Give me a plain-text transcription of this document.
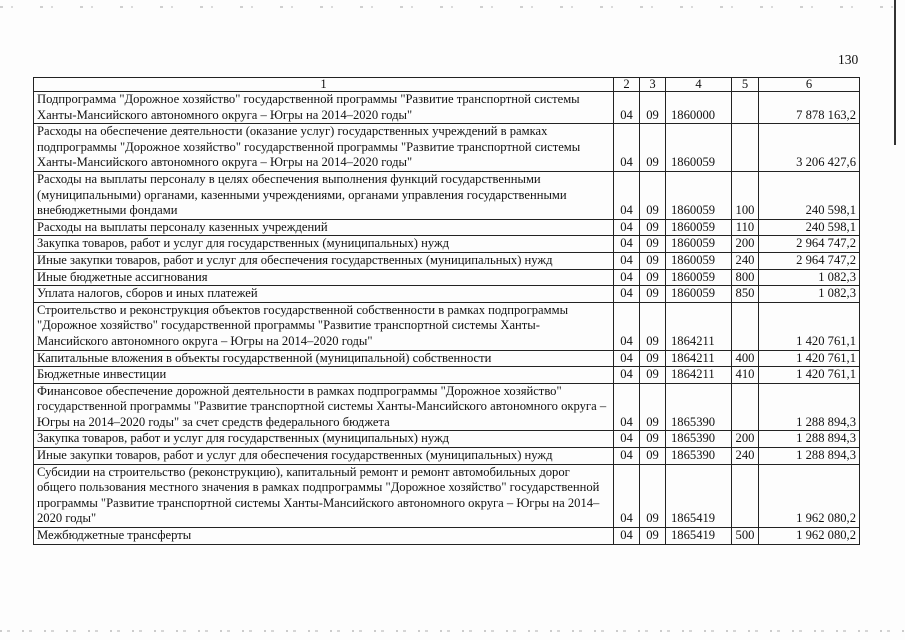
130
1	2	3	4	5	6
Подпрограмма "Дорожное хозяйство" государственной программы "Развитие транспортной системы Ханты-Мансийского автономного округа – Югры на 2014–2020 годы"	04	09	1860000		7 878 163,2
Расходы на обеспечение деятельности (оказание услуг) государственных учреждений в рамках подпрограммы "Дорожное хозяйство" государственной программы "Развитие транспортной системы Ханты-Мансийского автономного округа – Югры на 2014–2020 годы"	04	09	1860059		3 206 427,6
Расходы на выплаты персоналу в целях обеспечения выполнения функций государственными (муниципальными) органами, казенными учреждениями, органами управления государственными внебюджетными фондами	04	09	1860059	100	240 598,1
Расходы на выплаты персоналу казенных учреждений	04	09	1860059	110	240 598,1
Закупка товаров, работ и услуг для государственных (муниципальных) нужд	04	09	1860059	200	2 964 747,2
Иные закупки товаров, работ и услуг для обеспечения государственных (муниципальных) нужд	04	09	1860059	240	2 964 747,2
Иные бюджетные ассигнования	04	09	1860059	800	1 082,3
Уплата налогов, сборов и иных платежей	04	09	1860059	850	1 082,3
Строительство и реконструкция объектов государственной собственности в рамках подпрограммы "Дорожное хозяйство" государственной программы "Развитие транспортной системы Ханты-Мансийского автономного округа – Югры на 2014–2020 годы"	04	09	1864211		1 420 761,1
Капитальные вложения в объекты государственной (муниципальной) собственности	04	09	1864211	400	1 420 761,1
Бюджетные инвестиции	04	09	1864211	410	1 420 761,1
Финансовое обеспечение дорожной деятельности в рамках подпрограммы "Дорожное хозяйство" государственной программы "Развитие транспортной системы Ханты-Мансийского автономного округа – Югры на 2014–2020 годы" за счет средств федерального бюджета	04	09	1865390		1 288 894,3
Закупка товаров, работ и услуг для государственных (муниципальных) нужд	04	09	1865390	200	1 288 894,3
Иные закупки товаров, работ и услуг для обеспечения государственных (муниципальных) нужд	04	09	1865390	240	1 288 894,3
Субсидии на строительство (реконструкцию), капитальный ремонт и ремонт автомобильных дорог общего пользования местного значения в рамках подпрограммы "Дорожное хозяйство" государственной программы "Развитие транспортной системы Ханты-Мансийского автономного округа – Югры на 2014–2020 годы"	04	09	1865419		1 962 080,2
Межбюджетные трансферты	04	09	1865419	500	1 962 080,2
